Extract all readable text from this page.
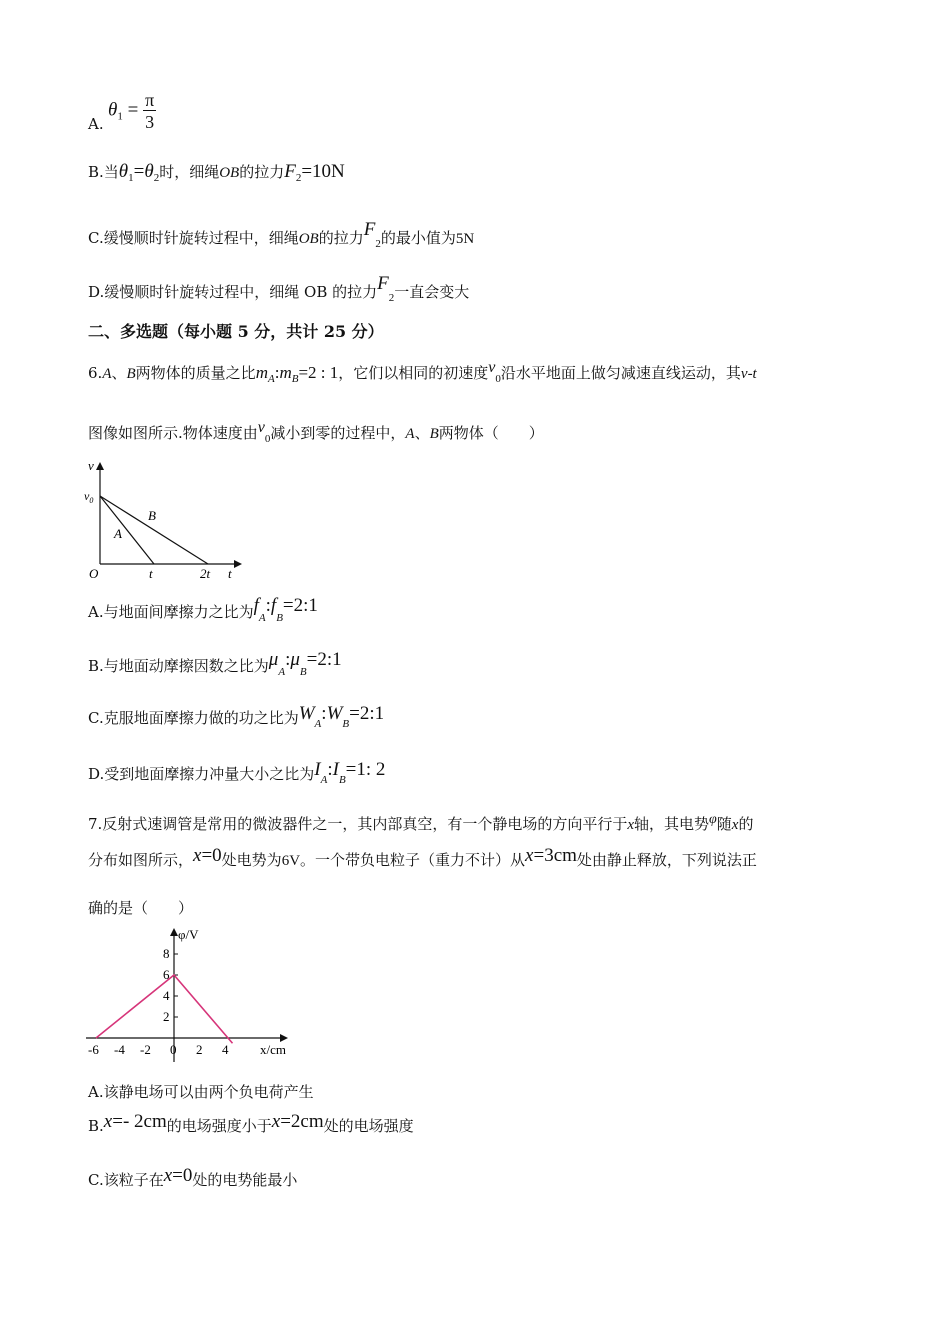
A.
$\theta_1 = \frac{\pi}{3}$
B.当$\theta_1=\theta_2$时，细绳OB的拉力$F_2=10N$
C.缓慢顺时针旋转过程中，细绳OB的拉力$F_2$的最小值为5N
D.缓慢顺时针旋转过程中，细绳 OB 的拉力$F_2$一直会变大
二、多选题（每小题 5 分，共计 25 分）
6.A、B两物体的质量之比$m_A:m_B=2$ : 1，它们以相同的初速度$v_0$沿水平地面上做匀减速直线运动，其v-t
图像如图所示.物体速度由$v_0$减小到零的过程中，A、B两物体（　　）
v
t
$v_0$
O	t	2t
A
B
A.与地面间摩擦力之比为$f_A:f_B=2:1$
B.与地面动摩擦因数之比为$\mu_A:\mu_B=2:1$
C.克服地面摩擦力做的功之比为$W_A:W_B=2:1$
D.受到地面摩擦力冲量大小之比为$I_A:I_B=1$: 2
7.反射式速调管是常用的微波器件之一，其内部真空，有一个静电场的方向平行于x轴，其电势φ随x的
分布如图所示，x=0处电势为6V。一个带负电粒子（重力不计）从x=3cm处由静止释放，下列说法正
确的是（　　）
φ/V
x/cm
8
6
4
2
-6 -4 -2 0 2 4
A.该静电场可以由两个负电荷产生
B.x=- 2cm的电场强度小于x=2cm处的电场强度
C.该粒子在x=0处的电势能最小
